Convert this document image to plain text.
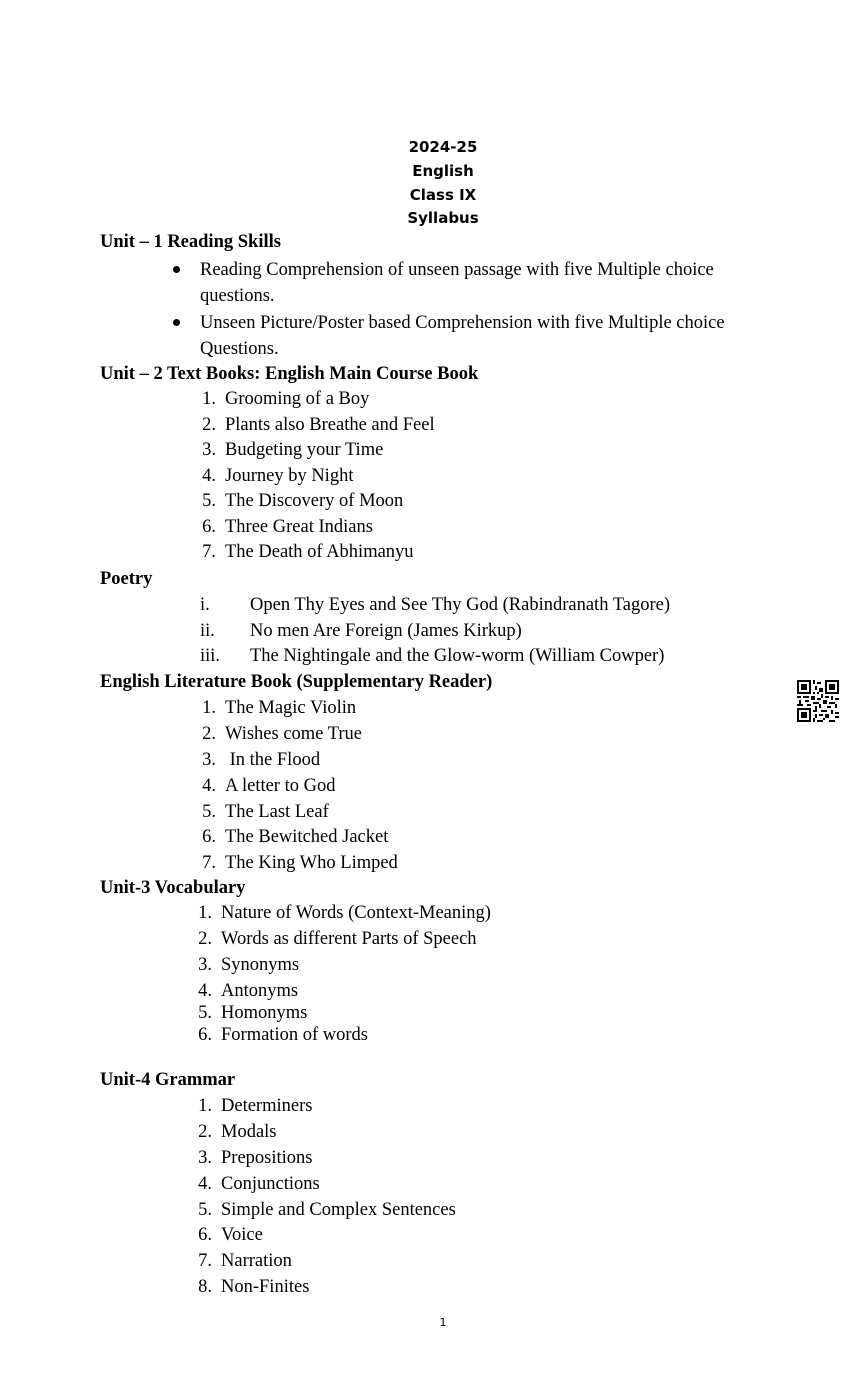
2024-25
English
Class IX
Syllabus
Unit – 1 Reading Skills
Reading Comprehension of unseen passage with five Multiple choice questions.
Unseen Picture/Poster based Comprehension with five Multiple choice Questions.
Unit – 2 Text Books: English Main Course Book
1. Grooming of a Boy
2. Plants also Breathe and Feel
3. Budgeting your Time
4. Journey by Night
5. The Discovery of Moon
6. Three Great Indians
7. The Death of Abhimanyu
Poetry
i. Open Thy Eyes and See Thy God (Rabindranath Tagore)
ii. No men Are Foreign (James Kirkup)
iii. The Nightingale and the Glow-worm (William Cowper)
English Literature Book (Supplementary Reader)
1. The Magic Violin
2. Wishes come True
3. In the Flood
4. A letter to God
5. The Last Leaf
6. The Bewitched Jacket
7. The King Who Limped
Unit-3 Vocabulary
1. Nature of Words (Context-Meaning)
2. Words as different Parts of Speech
3. Synonyms
4. Antonyms
5. Homonyms
6. Formation of words
Unit-4 Grammar
1. Determiners
2. Modals
3. Prepositions
4. Conjunctions
5. Simple and Complex Sentences
6. Voice
7. Narration
8. Non-Finites
1
